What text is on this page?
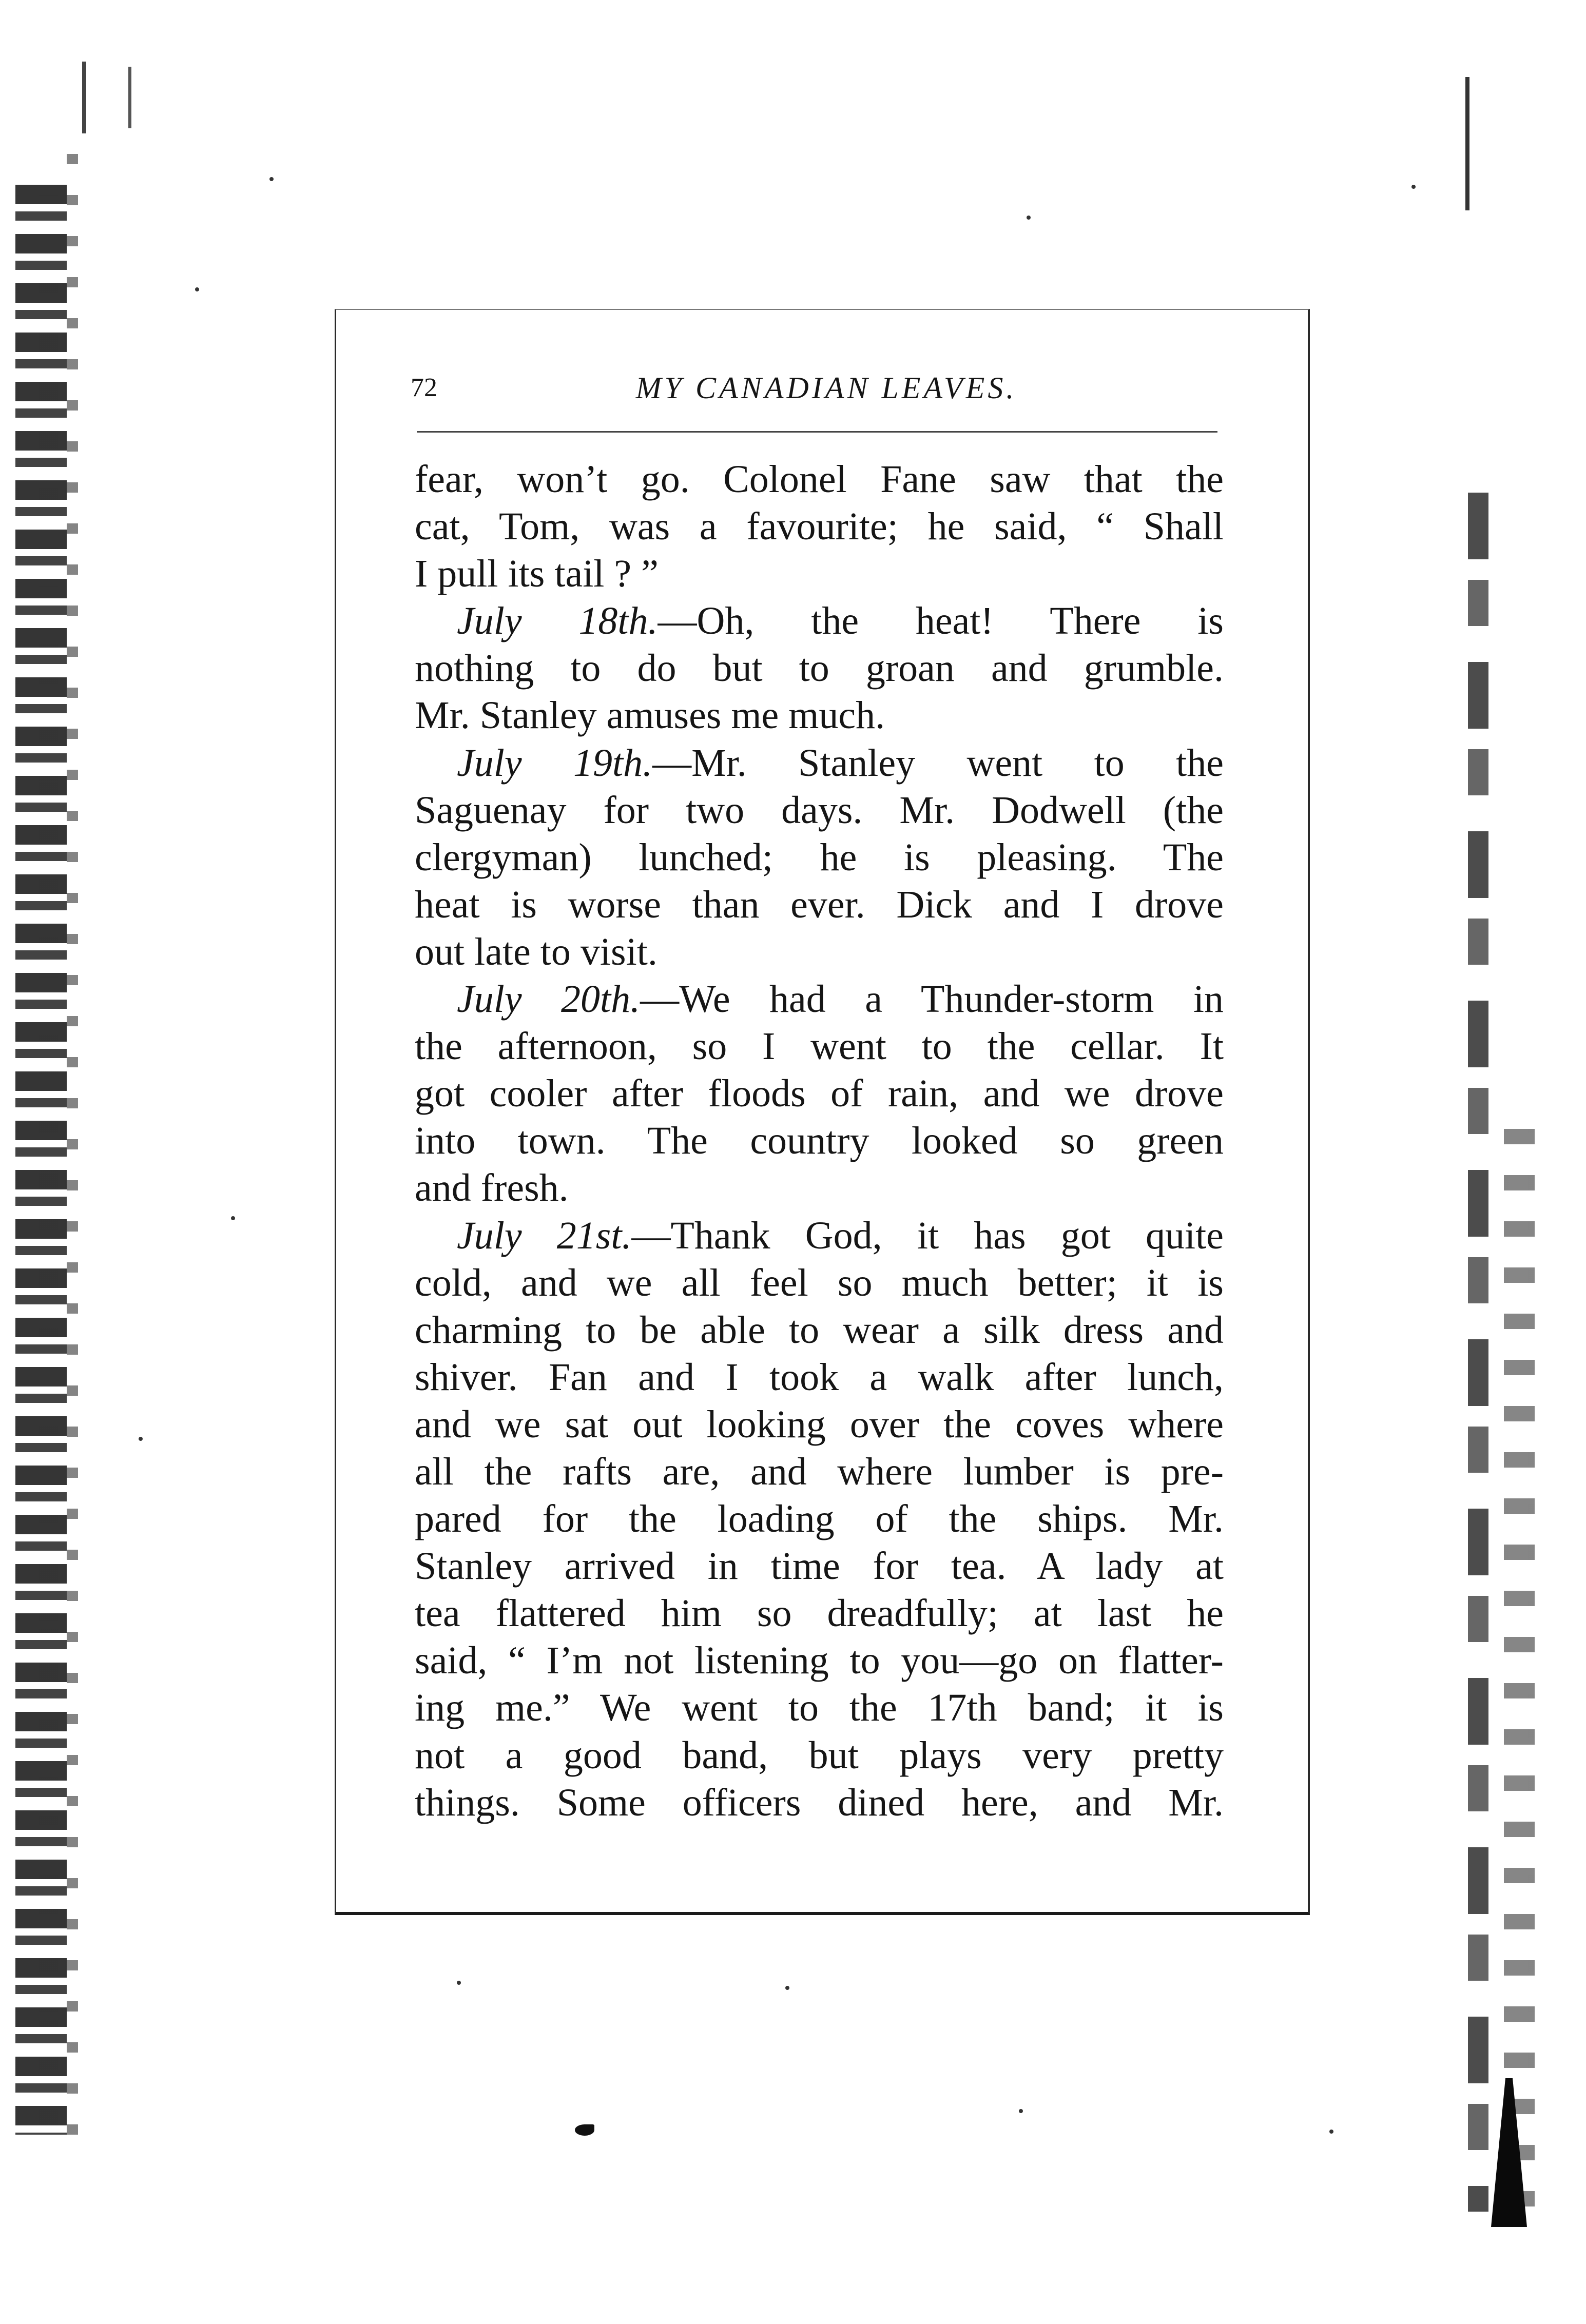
72	MY CANADIAN LEAVES.
fear, won’t go. Colonel Fane saw that the
cat, Tom, was a favourite; he said, “ Shall
I pull its tail ? ”
July 18th.—Oh, the heat! There is
nothing to do but to groan and grumble.
Mr. Stanley amuses me much.
July 19th.—Mr. Stanley went to the
Saguenay for two days. Mr. Dodwell (the
clergyman) lunched; he is pleasing. The
heat is worse than ever. Dick and I drove
out late to visit.
July 20th.—We had a Thunder-storm in
the afternoon, so I went to the cellar. It
got cooler after floods of rain, and we drove
into town. The country looked so green
and fresh.
July 21st.—Thank God, it has got quite
cold, and we all feel so much better; it is
charming to be able to wear a silk dress and
shiver. Fan and I took a walk after lunch,
and we sat out looking over the coves where
all the rafts are, and where lumber is pre-
pared for the loading of the ships. Mr.
Stanley arrived in time for tea. A lady at
tea flattered him so dreadfully; at last he
said, “ I’m not listening to you—go on flatter-
ing me.” We went to the 17th band; it is
not a good band, but plays very pretty
things. Some officers dined here, and Mr.
